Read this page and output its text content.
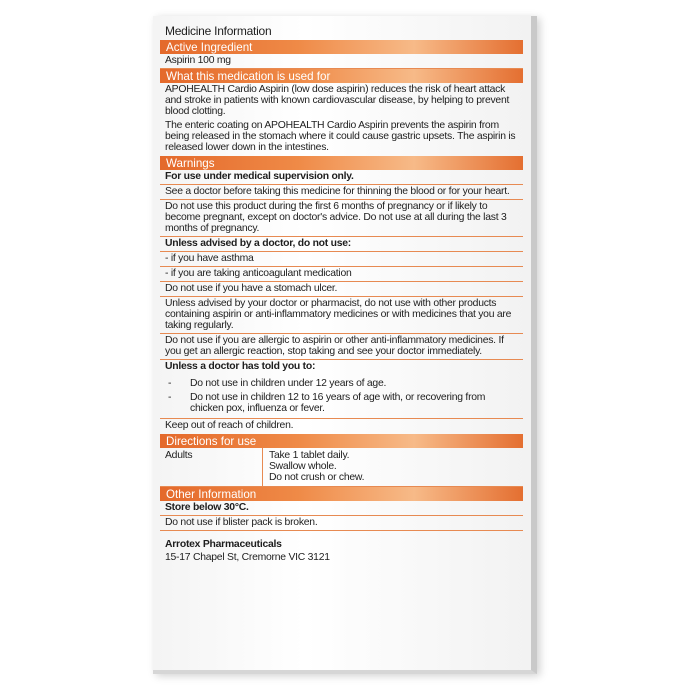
Medicine Information
Active Ingredient
Aspirin 100 mg
What this medication is used for
APOHEALTH Cardio Aspirin (low dose aspirin) reduces the risk of heart attack and stroke in patients with known cardiovascular disease, by helping to prevent blood clotting.
The enteric coating on APOHEALTH Cardio Aspirin prevents the aspirin from being released in the stomach where it could cause gastric upsets. The aspirin is released lower down in the intestines.
Warnings
For use under medical supervision only.
See a doctor before taking this medicine for thinning the blood or for your heart.
Do not use this product during the first 6 months of pregnancy or if likely to become pregnant, except on doctor's advice. Do not use at all during the last 3 months of pregnancy.
Unless advised by a doctor, do not use:
- if you have asthma
- if you are taking anticoagulant medication
Do not use if you have a stomach ulcer.
Unless advised by your doctor or pharmacist, do not use with other products containing aspirin or anti-inflammatory medicines or with medicines that you are taking regularly.
Do not use if you are allergic to aspirin or other anti-inflammatory medicines. If you get an allergic reaction, stop taking and see your doctor immediately.
Unless a doctor has told you to:
-	Do not use in children under 12 years of age.
-	Do not use in children 12 to 16 years of age with, or recovering from chicken pox, influenza or fever.
Keep out of reach of children.
Directions for use
Adults	Take 1 tablet daily.
Swallow whole.
Do not crush or chew.
Other Information
Store below 30°C.
Do not use if blister pack is broken.
Arrotex Pharmaceuticals
15-17 Chapel St, Cremorne VIC 3121
